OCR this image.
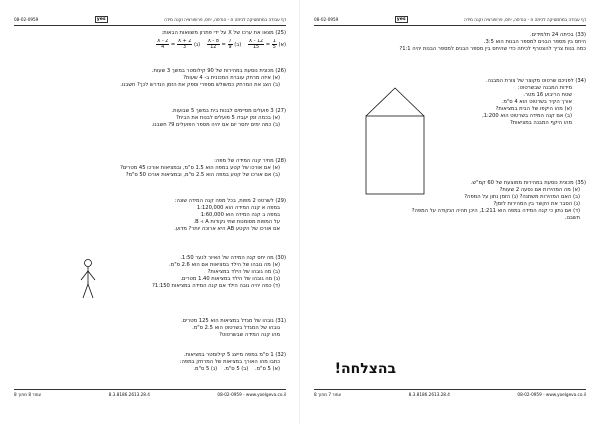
דף עבודה במתמטיקה לכיתה ח - הנדסה, יחס, פרופורציה וקנה מידה
yes
08-02-0959
(25) מצאו את ערכו של X על ידי פתרון משוואות הבאות:
(א)
$\frac{1}{5}$
=
$\frac{X - 12}{15}$
(ב)
$\frac{7}{9}$
=
$\frac{X - 8}{12}$
(ג)
$\frac{2 + X}{3}$
=
$\frac{X - 2}{4}$
(26) מכונית נוסעת במהירות של 90 קילומטר במשך 3 שעות.
(א) איזה מרחק עוברת המכונית ב- 4 שעות?
(ב) הצג את המרחק כמשולש מספרי וספק את הזמן הנדרש לכך? חשבנו.
(27) 3 פועלים מסיימים לבנות בית במשך 5 שבועות.
(א) בכמה זמן יעבדו 5 פועלים לבנות את הבית?
(ב) כמה ימים יחסר יום אם יהיה מספר הפועלים 9? חשבנו.
(28) מחיר קנה המידה של מפה:
(א) אם אורכו של קטע במפה הוא 1.5 ס"מ, ובמציאות אורכו 45 מטרים?
(ב) אם אורכו של קטע במפה הוא 2.5 ס"מ, ובמציאות אורכו 50 ס"מ?
(29) לשרטט 2 מפות, בכל מפה קנה המידה שונה:
במפה א קנה המידה הוא 1:120,000
במפה ב קנה המידה הוא 1:60,000
על המפות מסומנות שתי נקודות A ו- B.
אם אורכו של הקטע AB היא ארוכה יותר? מדוע.
(30) מה יחס קנה המידה של האיור לנער 1:50.
(א) מה גובהו של הילד במציאות אם הוא 2.6 ס"מ.
(ב) מה גובהו של הילד במציאות?
(ג) מה גובהו של הילד במציאות 1.40 מטרים.
(ד) כמה יהיה גובה הילד אם קנה המידה במציאות 1:150?
(31) גובהו של מגדל במציאות הוא 125 מטרים.
גובהו של המגדל בשרטוט הוא 2.5 ס"מ.
מהו קנה המידה שבשרטוט?
(32) 1 ס"מ במפה מייצג 5 קילומטר במציאות.
כתבו מהו האורך במציאות של המרחק במפה:
(א) 5 ס"מ.    (ב) 5 ס"מ.    (ג) 5 ס"מ.
עמוד 8 מתוך 8	8.3.8186.2613.28.4	08-02-0959 - www.yoelgeva.co.il
דף עבודה במתמטיקה לכיתה ח - הנדסה, יחס, פרופורציה וקנה מידה
yes
08-02-0959
(33) בכיתה 24 תלמידים.
היחס בין מספר הבנים למספר הבנות הוא 3:5.
כמה בנות צריך להצטרף לכיתה כדי שהיחס בין מספר הבנים למספר הבנות יהיה 1:1?
(34) לפניכם שרטוט מקוצר של צורת המבנה.
מידות המבנה שבשרטוט:
שטח הריבוע 16 מטר.
אורך הקיר בשרטוט הוא 4 ס"מ.
(א) מהו היקפו של הבית במציאות?
(ב) אם קנה המידה בשרטוט הוא 1:200,
מהו היקף המבנה במציאות?
(35) מכונית נוסעת במהירות ממוצעת של 60 קמ"ש.
(א) מה המהירות אם נסעה 2 שעות?
(ב) האם המהירות משתנה? (ג) הזמן נתון על המפה?
(ג) הסבר את הקשר בין המהירות לזמן?
(ד) אם נתון כי קנה המידה במפה הוא 1:211, היכן תהיה הנקודה על המפה?
חשבנו.
בהצלחה!
עמוד 7 מתוך 8	8.3.8186.2613.28.4	08-02-0959 - www.yoelgeva.co.il
